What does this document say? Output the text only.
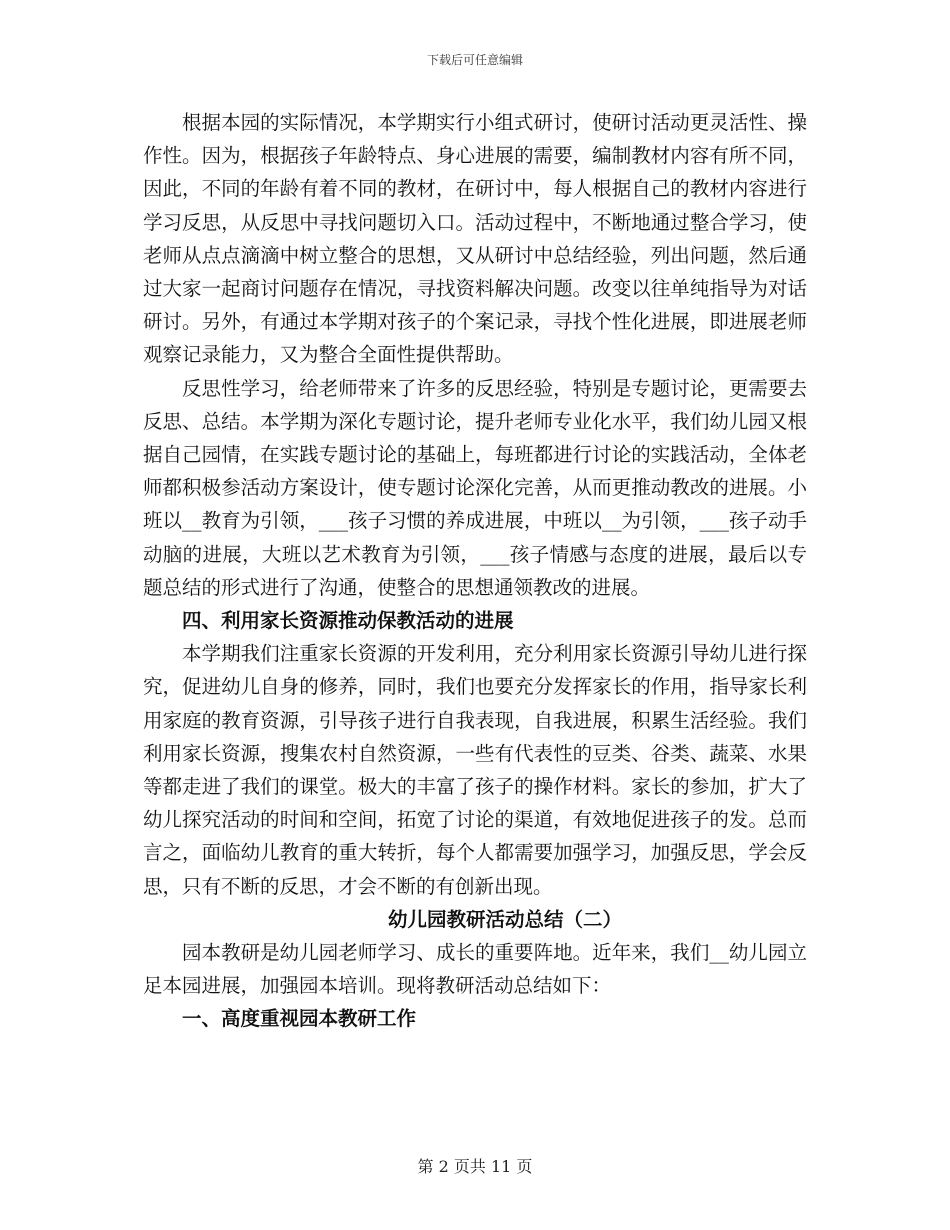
下载后可任意编辑

根据本园的实际情况，本学期实行小组式研讨，使研讨活动更灵活性、操作性。因为，根据孩子年龄特点、身心进展的需要，编制教材内容有所不同，因此，不同的年龄有着不同的教材，在研讨中，每人根据自己的教材内容进行学习反思，从反思中寻找问题切入口。活动过程中，不断地通过整合学习，使老师从点点滴滴中树立整合的思想，又从研讨中总结经验，列出问题，然后通过大家一起商讨问题存在情况，寻找资料解决问题。改变以往单纯指导为对话研讨。另外，有通过本学期对孩子的个案记录，寻找个性化进展，即进展老师观察记录能力，又为整合全面性提供帮助。

反思性学习，给老师带来了许多的反思经验，特别是专题讨论，更需要去反思、总结。本学期为深化专题讨论，提升老师专业化水平，我们幼儿园又根据自己园情，在实践专题讨论的基础上，每班都进行讨论的实践活动，全体老师都积极参活动方案设计，使专题讨论深化完善，从而更推动教改的进展。小班以__教育为引领，___孩子习惯的养成进展，中班以__为引领，___孩子动手动脑的进展，大班以艺术教育为引领，___孩子情感与态度的进展，最后以专题总结的形式进行了沟通，使整合的思想通领教改的进展。

四、利用家长资源推动保教活动的进展

本学期我们注重家长资源的开发利用，充分利用家长资源引导幼儿进行探究，促进幼儿自身的修养，同时，我们也要充分发挥家长的作用，指导家长利用家庭的教育资源，引导孩子进行自我表现，自我进展，积累生活经验。我们利用家长资源，搜集农村自然资源，一些有代表性的豆类、谷类、蔬菜、水果等都走进了我们的课堂。极大的丰富了孩子的操作材料。家长的参加，扩大了幼儿探究活动的时间和空间，拓宽了讨论的渠道，有效地促进孩子的发。总而言之，面临幼儿教育的重大转折，每个人都需要加强学习，加强反思，学会反思，只有不断的反思，才会不断的有创新出现。

幼儿园教研活动总结（二）

园本教研是幼儿园老师学习、成长的重要阵地。近年来，我们__幼儿园立足本园进展，加强园本培训。现将教研活动总结如下：

一、高度重视园本教研工作
第 2 页共 11 页
